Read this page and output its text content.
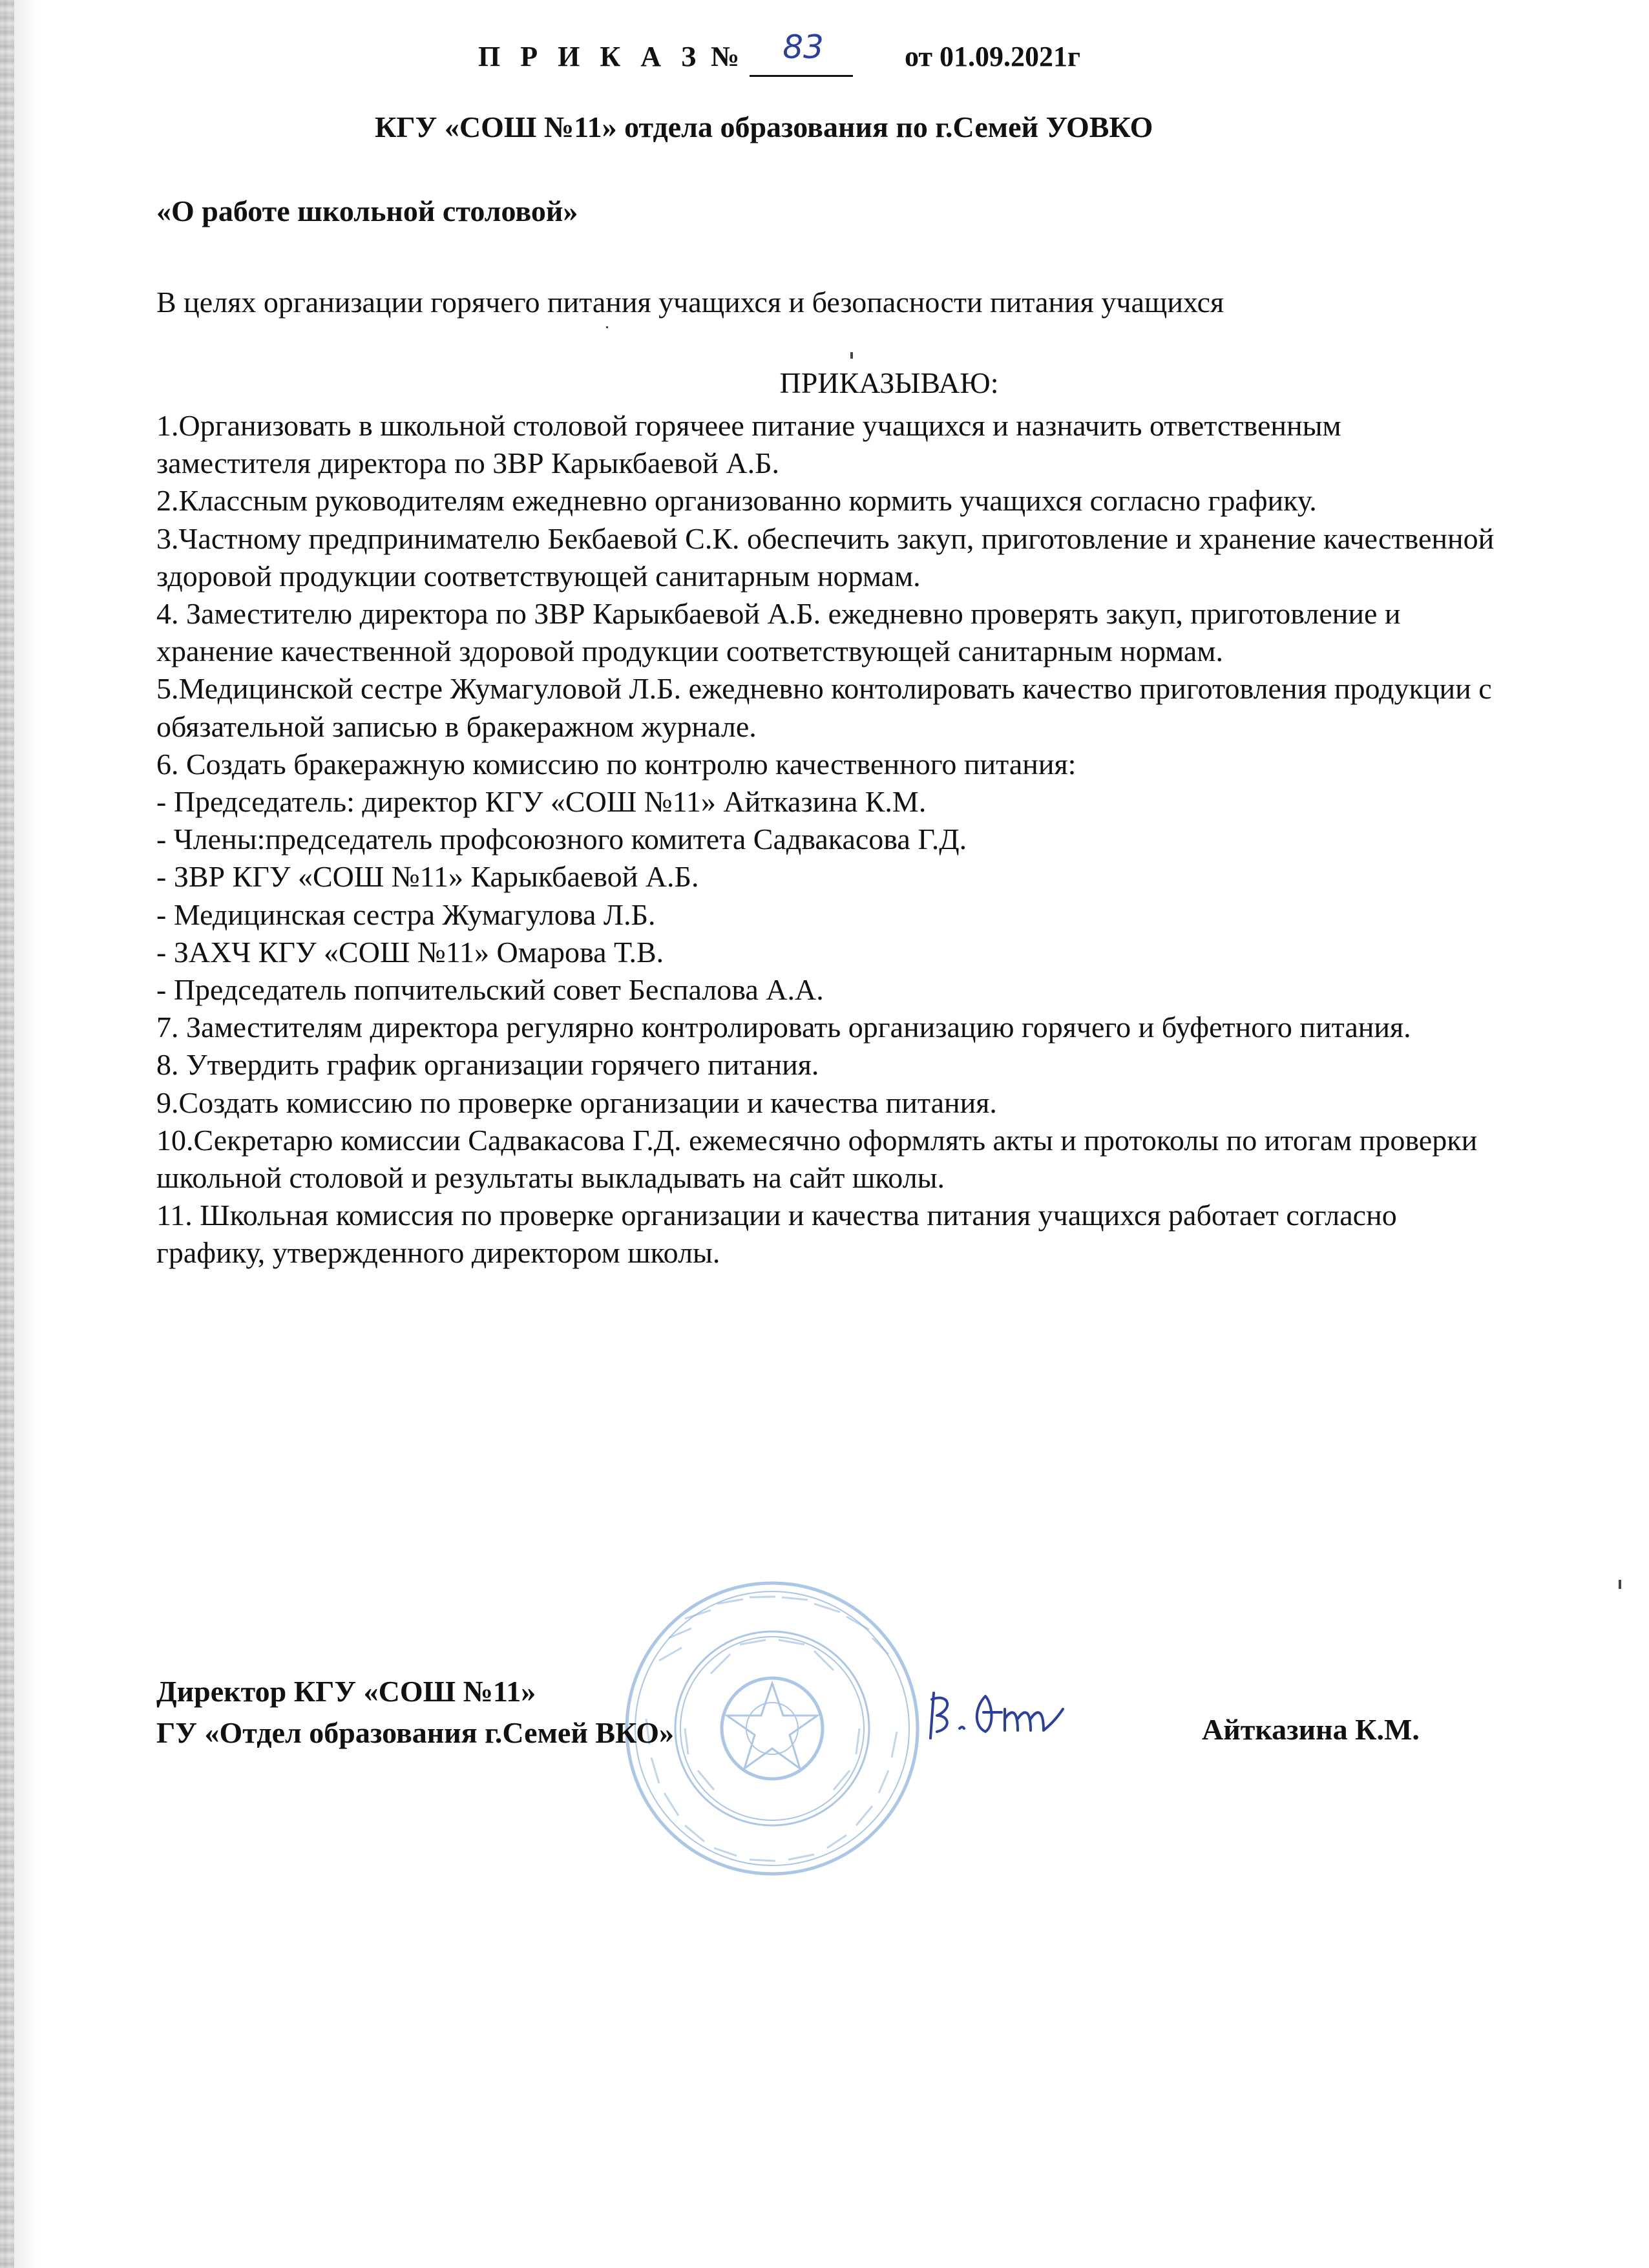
П Р И К А З №	83	от 01.09.2021г
КГУ «СОШ №11» отдела образования по г.Семей УОВКО
«О работе школьной столовой»
В целях организации горячего питания учащихся и безопасности питания учащихся
ПРИКАЗЫВАЮ:
1.Организовать в школьной столовой горячеее питание учащихся и назначить ответственным заместителя директора по ЗВР Карыкбаевой А.Б.
2.Классным руководителям ежедневно организованно кормить учащихся согласно графику.
3.Частному предпринимателю Бекбаевой С.К. обеспечить закуп, приготовление и хранение качественной здоровой продукции соответствующей санитарным нормам.
4. Заместителю директора по ЗВР Карыкбаевой А.Б. ежедневно проверять закуп, приготовление и хранение качественной здоровой продукции соответствующей санитарным нормам.
5.Медицинской сестре Жумагуловой Л.Б. ежедневно контолировать качество приготовления продукции с обязательной записью в бракеражном журнале.
6. Создать бракеражную комиссию по контролю качественного питания:
- Председатель: директор КГУ «СОШ №11» Айтказина К.М.
- Члены:председатель профсоюзного комитета Садвакасова Г.Д.
- ЗВР КГУ «СОШ №11» Карыкбаевой А.Б.
- Медицинская сестра Жумагулова Л.Б.
- ЗАХЧ КГУ «СОШ №11» Омарова Т.В.
- Председатель попчительский совет Беспалова А.А.
7. Заместителям директора регулярно контролировать организацию горячего и буфетного питания.
8. Утвердить график организации горячего питания.
9.Создать комиссию по проверке организации и качества питания.
10.Секретарю комиссии Садвакасова Г.Д. ежемесячно оформлять акты и протоколы по итогам проверки школьной столовой и результаты выкладывать на сайт школы.
11. Школьная комиссия по проверке организации и качества питания учащихся работает согласно графику, утвержденного директором школы.
Директор КГУ «СОШ №11»
ГУ «Отдел образования г.Семей ВКО»	Айтказина К.М.
